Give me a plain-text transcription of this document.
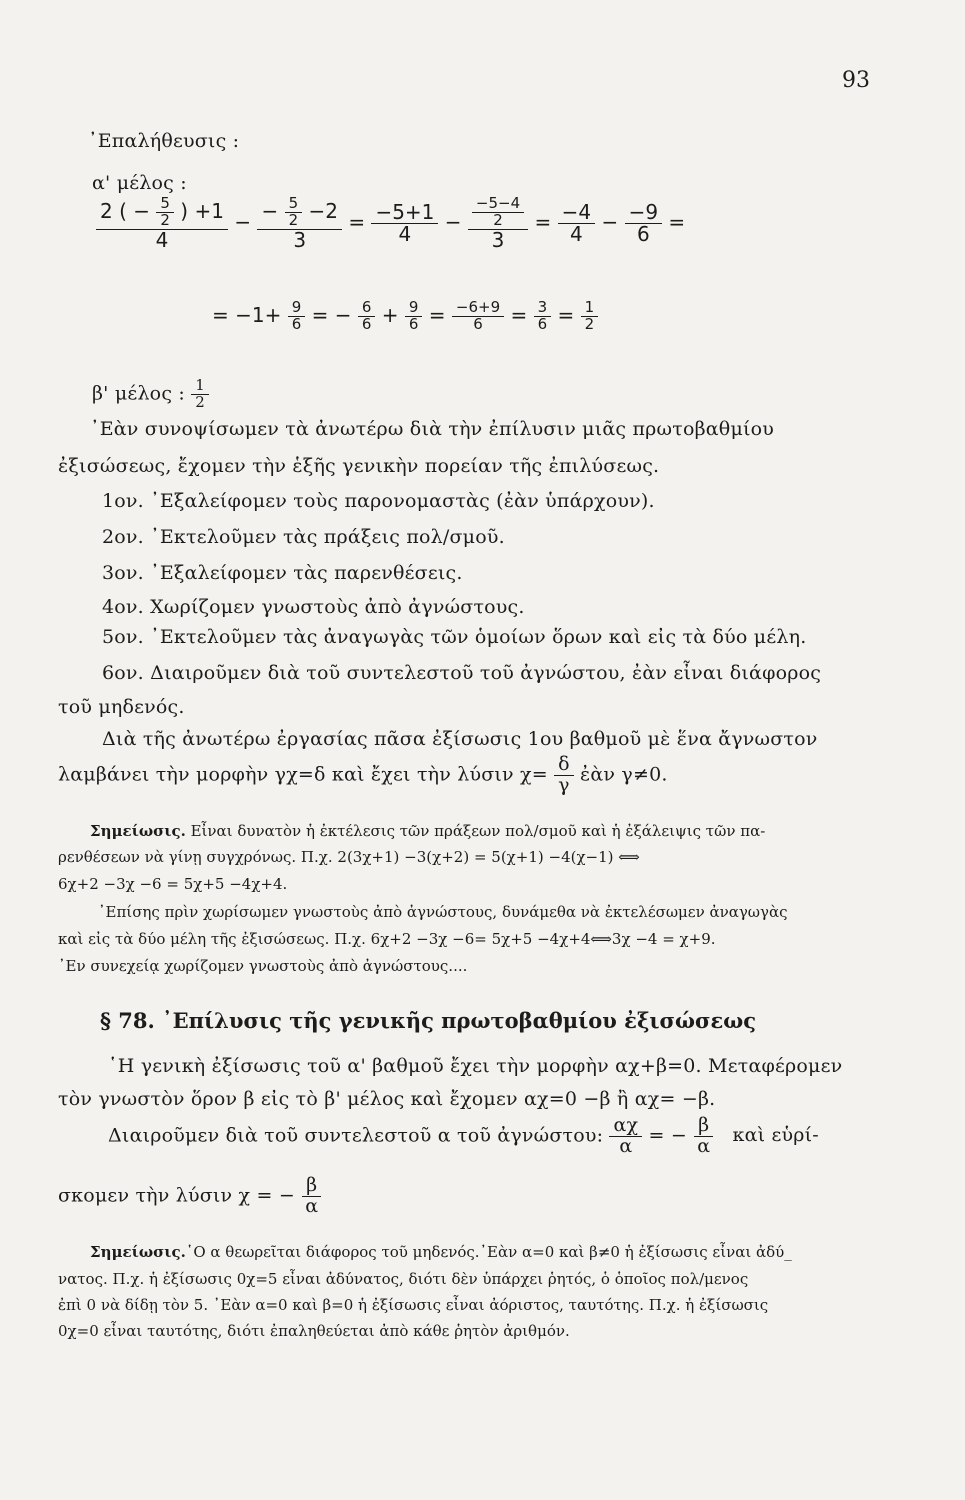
93
᾿Επαλήθευσις :
α' μέλος :
2 ( − $\frac{5}{2}$ ) +1
4
− $\frac{- \frac{5}{2} -2}{3} = \frac{-5+1}{4} - \frac{\frac{-5-4}{2}}{3} = \frac{-4}{4} - \frac{-9}{6}$ =
= $-1+ \frac{9}{6}$ = − $\frac{6}{6} + \frac{9}{6} = \frac{-6+9}{6} = \frac{3}{6} = \frac{1}{2}$
β' μέλος : $\frac{1}{2}$
᾿Εὰν συνοψίσωμεν τὰ ἀνωτέρω διὰ τὴν ἐπίλυσιν μιᾶς πρωτοβαθμίου
ἐξισώσεως, ἔχομεν τὴν ἑξῆς γενικὴν πορείαν τῆς ἐπιλύσεως.
1ον. ᾿Εξαλείφομεν τοὺς παρονομαστὰς (ἐὰν ὑπάρχουν).
2ον. ᾿Εκτελοῦμεν τὰς πράξεις πολ/σμοῦ.
3ον. ᾿Εξαλείφομεν τὰς παρενθέσεις.
4ον. Χωρίζομεν γνωστοὺς ἀπὸ ἀγνώστους.
5ον. ᾿Εκτελοῦμεν τὰς ἀναγωγὰς τῶν ὁμοίων ὅρων καὶ εἰς τὰ δύο μέλη.
6ον. Διαιροῦμεν διὰ τοῦ συντελεστοῦ τοῦ ἀγνώστου, ἐὰν εἶναι διάφορος
τοῦ μηδενός.
Διὰ τῆς ἀνωτέρω ἐργασίας πᾶσα ἐξίσωσις 1ου βαθμοῦ μὲ ἕνα ἄγνωστον
λαμβάνει τὴν μορφὴν γχ=δ καὶ ἔχει τὴν λύσιν $\chi= \frac{\delta}{\gamma}$ ἐὰν γ≠0.
Σημείωσις. Εἶναι δυνατὸν ἡ ἐκτέλεσις τῶν πράξεων πολ/σμοῦ καὶ ἡ ἐξάλειψις τῶν πα-
ρενθέσεων νὰ γίνῃ συγχρόνως. Π.χ. 2(3χ+1) −3(χ+2) = 5(χ+1) −4(χ−1) ⟺
6χ+2 −3χ −6 = 5χ+5 −4χ+4.
᾿Επίσης πρὶν χωρίσωμεν γνωστοὺς ἀπὸ ἀγνώστους, δυνάμεθα νὰ ἐκτελέσωμεν ἀναγωγὰς
καὶ εἰς τὰ δύο μέλη τῆς ἐξισώσεως. Π.χ. 6χ+2 −3χ −6= 5χ+5 −4χ+4⟺3χ −4 = χ+9.
᾿Εν συνεχείᾳ χωρίζομεν γνωστοὺς ἀπὸ ἀγνώστους....
§ 78. ᾿Επίλυσις τῆς γενικῆς πρωτοβαθμίου ἐξισώσεως
῾Η γενικὴ ἐξίσωσις τοῦ α' βαθμοῦ ἔχει τὴν μορφὴν αχ+β=0. Μεταφέρομεν
τὸν γνωστὸν ὅρον β εἰς τὸ β' μέλος καὶ ἔχομεν αχ=0 −β ἢ αχ= −β.
Διαιροῦμεν διὰ τοῦ συντελεστοῦ α τοῦ ἀγνώστου: $\frac{\alpha\chi}{\alpha}$ = − $\frac{\beta}{\alpha}$ καὶ εὑρί-
σκομεν τὴν λύσιν χ = − $\frac{\beta}{\alpha}$
Σημείωσις.῾Ο α θεωρεῖται διάφορος τοῦ μηδενός.᾿Εὰν α=0 καὶ β≠0 ἡ ἐξίσωσις εἶναι ἀδύ_
νατος. Π.χ. ἡ ἐξίσωσις 0χ=5 εἶναι ἀδύνατος, διότι δὲν ὑπάρχει ῥητός, ὁ ὁποῖος πολ/μενος
ἐπὶ 0 νὰ δίδῃ τὸν 5. ᾿Εὰν α=0 καὶ β=0 ἡ ἐξίσωσις εἶναι ἀόριστος, ταυτότης. Π.χ. ἡ ἐξίσωσις
0χ=0 εἶναι ταυτότης, διότι ἐπαληθεύεται ἀπὸ κάθε ῥητὸν ἀριθμόν.
